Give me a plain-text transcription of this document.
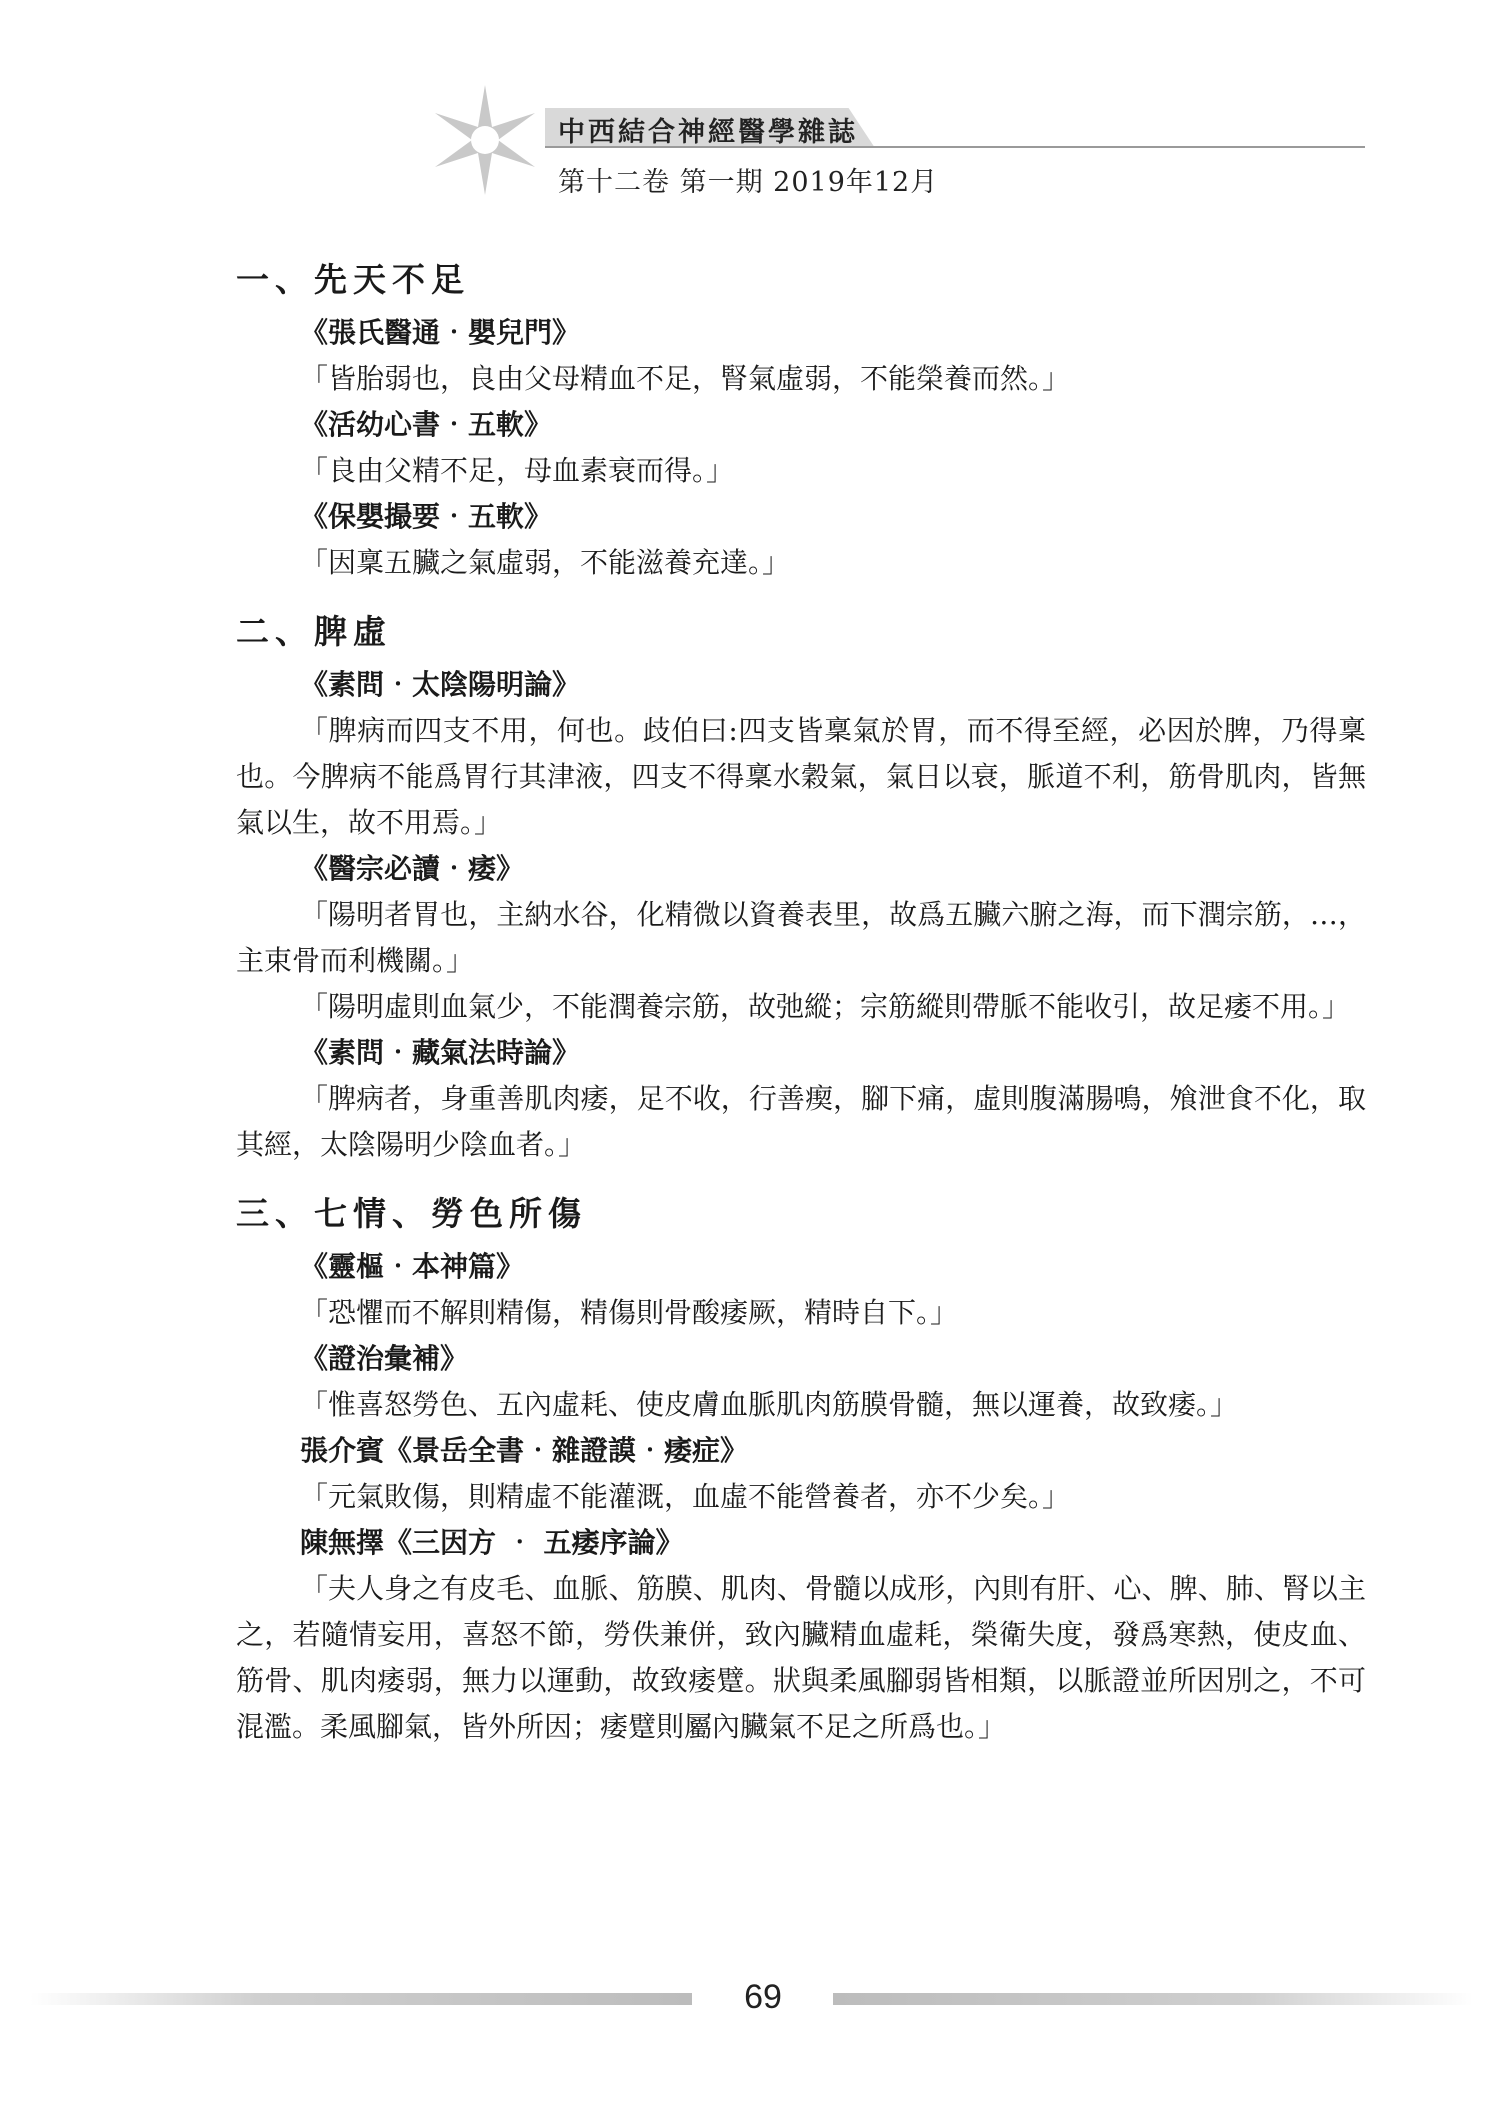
中西結合神經醫學雜誌
第十二卷 第一期 2019年12月
一、先天不足

《張氏醫通‧嬰兒門》

「皆胎弱也，良由父母精血不足，腎氣虛弱，不能榮養而然。」

《活幼心書‧五軟》

「良由父精不足，母血素衰而得。」

《保嬰撮要‧五軟》

「因稟五臟之氣虛弱，不能滋養充達。」

二、脾虛

《素問‧太陰陽明論》

「脾病而四支不用，何也。歧伯曰:四支皆稟氣於胃，而不得至經，必因於脾，乃得稟也。今脾病不能爲胃行其津液，四支不得稟水穀氣，氣日以衰，脈道不利，筋骨肌肉，皆無氣以生，故不用焉。」

《醫宗必讀‧痿》

「陽明者胃也，主納水谷，化精微以資養表里，故爲五臟六腑之海，而下潤宗筋，…，主束骨而利機關。」

「陽明虛則血氣少，不能潤養宗筋，故弛縱；宗筋縱則帶脈不能收引，故足痿不用。」

《素問‧藏氣法時論》

「脾病者，身重善肌肉痿，足不收，行善瘈，腳下痛，虛則腹滿腸鳴，飧泄食不化，取其經，太陰陽明少陰血者。」

三、七情、勞色所傷

《靈樞‧本神篇》

「恐懼而不解則精傷，精傷則骨酸痿厥，精時自下。」

《證治彙補》

「惟喜怒勞色、五內虛耗、使皮膚血脈肌肉筋膜骨髓，無以運養，故致痿。」

張介賓《景岳全書‧雜證謨‧痿症》

「元氣敗傷，則精虛不能灌溉，血虛不能營養者，亦不少矣。」

陳無擇《三因方 ‧ 五痿序論》

「夫人身之有皮毛、血脈、筋膜、肌肉、骨髓以成形，內則有肝、心、脾、肺、腎以主之，若隨情妄用，喜怒不節，勞佚兼併，致內臟精血虛耗，榮衛失度，發爲寒熱，使皮血、筋骨、肌肉痿弱，無力以運動，故致痿躄。狀與柔風腳弱皆相類，以脈證並所因別之，不可混濫。柔風腳氣，皆外所因；痿躄則屬內臟氣不足之所爲也。」

69
